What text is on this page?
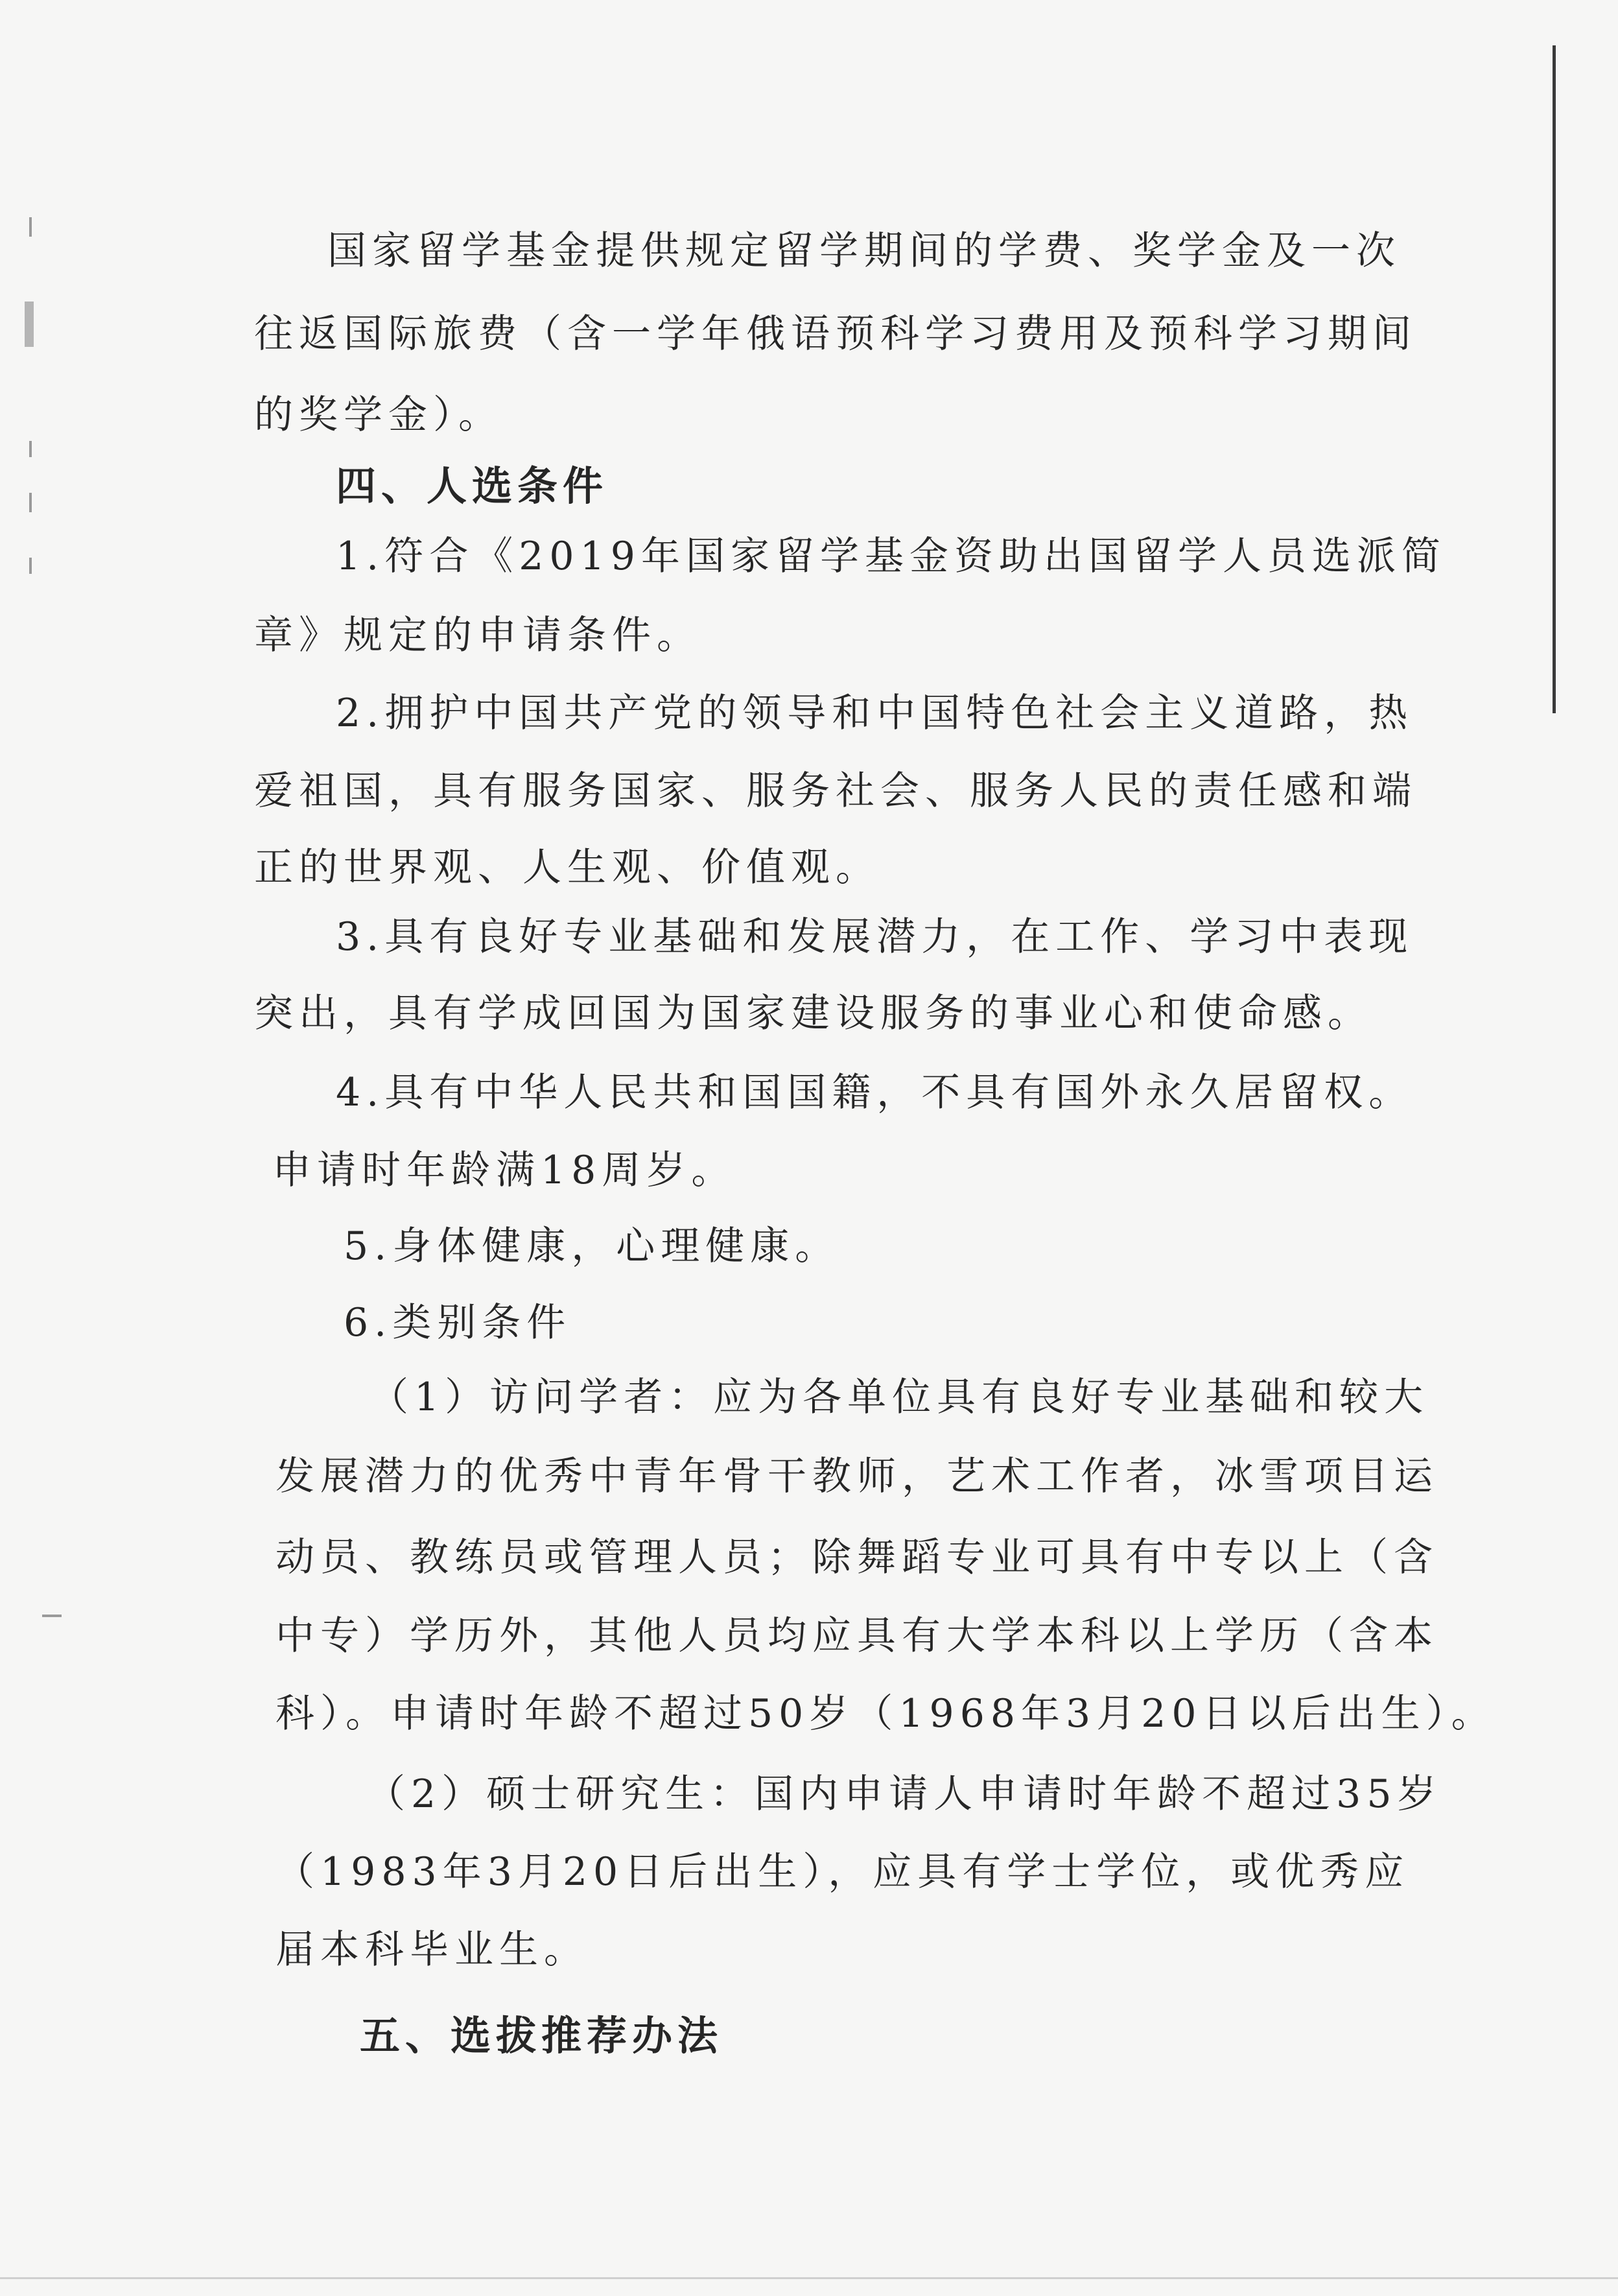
国家留学基金提供规定留学期间的学费、奖学金及一次
往返国际旅费（含一学年俄语预科学习费用及预科学习期间
的奖学金）。
四、人选条件
1.符合《2019年国家留学基金资助出国留学人员选派简
章》规定的申请条件。
2.拥护中国共产党的领导和中国特色社会主义道路，热
爱祖国，具有服务国家、服务社会、服务人民的责任感和端
正的世界观、人生观、价值观。
3.具有良好专业基础和发展潜力，在工作、学习中表现
突出，具有学成回国为国家建设服务的事业心和使命感。
4.具有中华人民共和国国籍，不具有国外永久居留权。
申请时年龄满18周岁。
5.身体健康，心理健康。
6.类别条件
（1）访问学者：应为各单位具有良好专业基础和较大
发展潜力的优秀中青年骨干教师，艺术工作者，冰雪项目运
动员、教练员或管理人员；除舞蹈专业可具有中专以上（含
中专）学历外，其他人员均应具有大学本科以上学历（含本
科）。申请时年龄不超过50岁（1968年3月20日以后出生）。
（2）硕士研究生：国内申请人申请时年龄不超过35岁
（1983年3月20日后出生），应具有学士学位，或优秀应
届本科毕业生。
五、选拔推荐办法
